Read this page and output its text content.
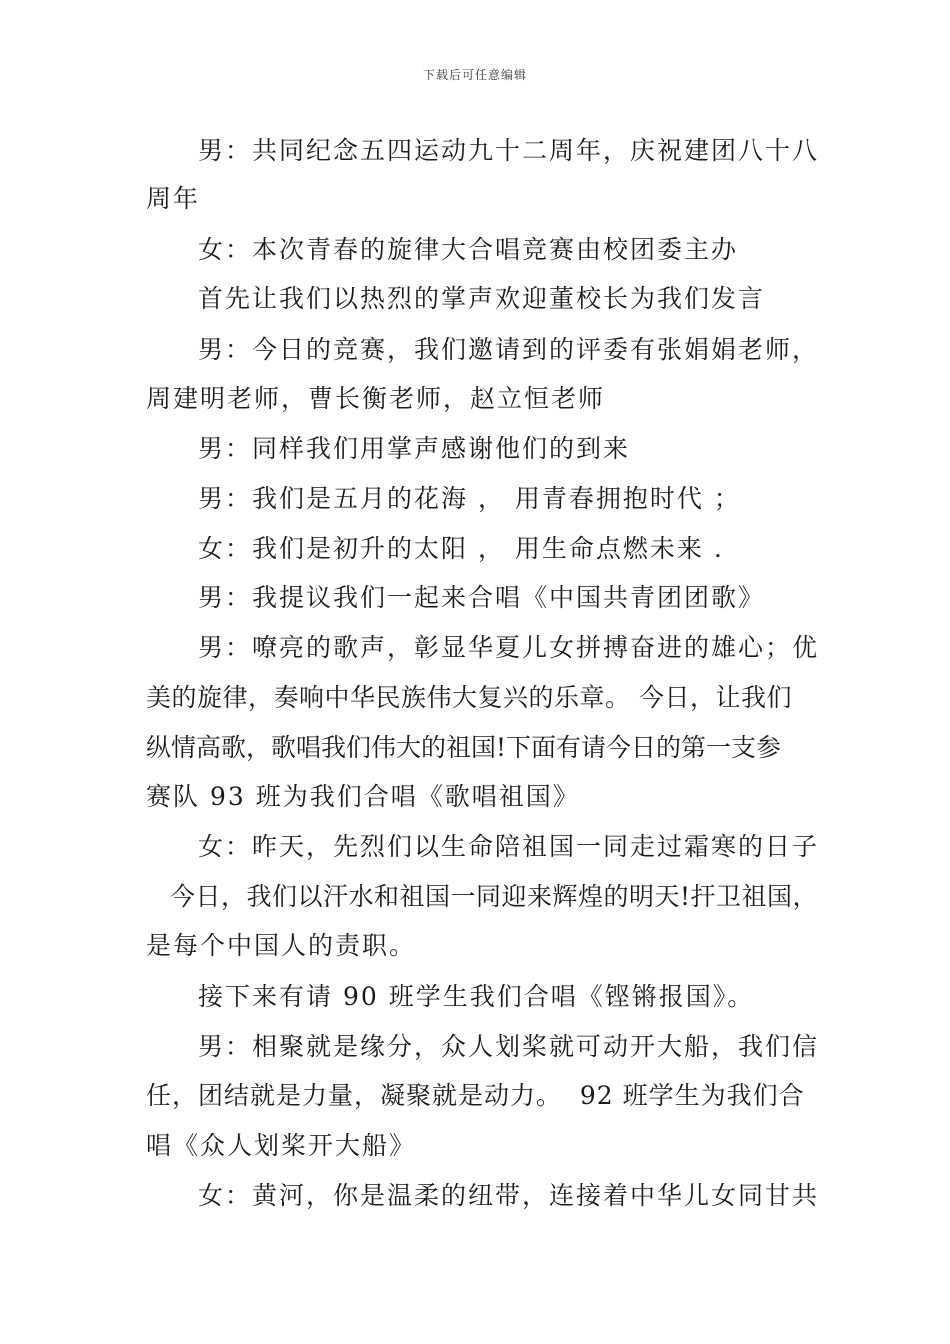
下载后可任意编辑
男：共同纪念五四运动九十二周年，庆祝建团八十八
周年
女：本次青春的旋律大合唱竞赛由校团委主办
首先让我们以热烈的掌声欢迎董校长为我们发言
男：今日的竞赛，我们邀请到的评委有张娟娟老师，
周建明老师，曹长衡老师，赵立恒老师
男：同样我们用掌声感谢他们的到来
男：我们是五月的花海 ， 用青春拥抱时代 ；
女：我们是初升的太阳 ， 用生命点燃未来 .
男：我提议我们一起来合唱《中国共青团团歌》
男：嘹亮的歌声，彰显华夏儿女拼搏奋进的雄心；优
美的旋律，奏响中华民族伟大复兴的乐章。 今日，让我们
纵情高歌，歌唱我们伟大的祖国!下面有请今日的第一支参
赛队 93 班为我们合唱《歌唱祖国》
女：昨天，先烈们以生命陪祖国一同走过霜寒的日子
今日，我们以汗水和祖国一同迎来辉煌的明天!扞卫祖国，
是每个中国人的责职。
接下来有请 90 班学生我们合唱《铿锵报国》。
男：相聚就是缘分，众人划桨就可动开大船，我们信
任，团结就是力量，凝聚就是动力。  92 班学生为我们合
唱《众人划桨开大船》
女：黄河，你是温柔的纽带，连接着中华儿女同甘共
